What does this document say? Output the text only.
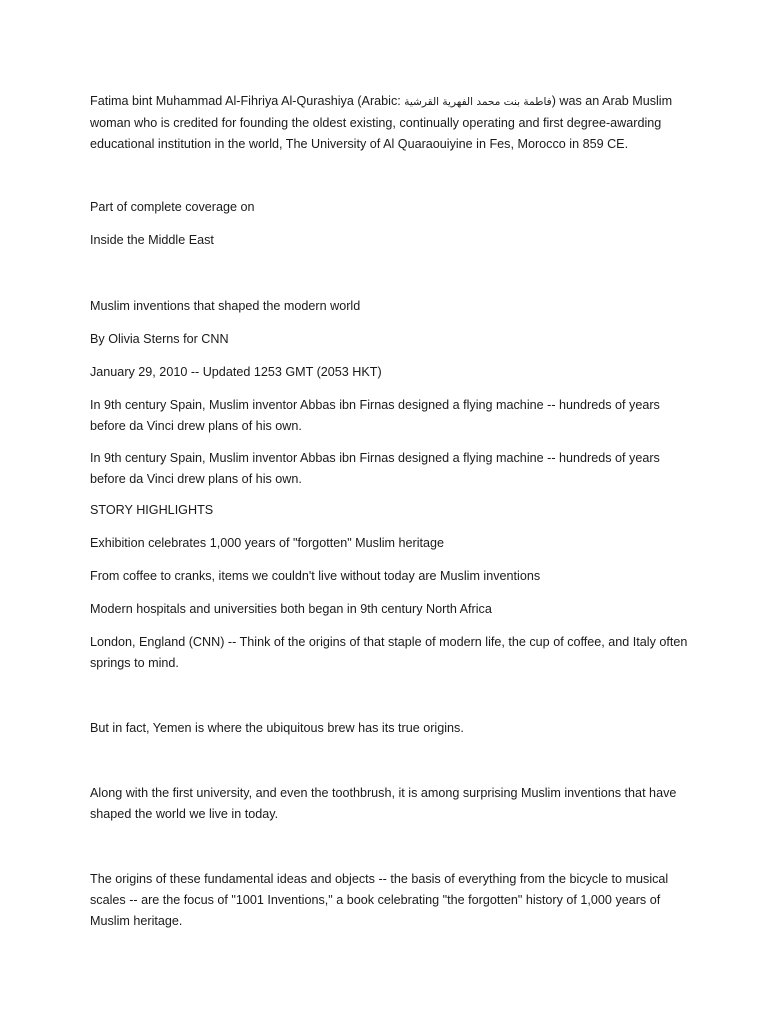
Fatima bint Muhammad Al-Fihriya Al-Qurashiya (Arabic: فاطمة بنت محمد الفهرية القرشية) was an Arab Muslim woman who is credited for founding the oldest existing, continually operating and first degree-awarding educational institution in the world, The University of Al Quaraouiyine in Fes, Morocco in 859 CE.

Part of complete coverage on

Inside the Middle East

Muslim inventions that shaped the modern world

By Olivia Sterns for CNN

January 29, 2010 -- Updated 1253 GMT (2053 HKT)

In 9th century Spain, Muslim inventor Abbas ibn Firnas designed a flying machine -- hundreds of years before da Vinci drew plans of his own.

In 9th century Spain, Muslim inventor Abbas ibn Firnas designed a flying machine -- hundreds of years before da Vinci drew plans of his own.

STORY HIGHLIGHTS

Exhibition celebrates 1,000 years of "forgotten" Muslim heritage

From coffee to cranks, items we couldn't live without today are Muslim inventions

Modern hospitals and universities both began in 9th century North Africa

London, England (CNN) -- Think of the origins of that staple of modern life, the cup of coffee, and Italy often springs to mind.

But in fact, Yemen is where the ubiquitous brew has its true origins.

Along with the first university, and even the toothbrush, it is among surprising Muslim inventions that have shaped the world we live in today.

The origins of these fundamental ideas and objects -- the basis of everything from the bicycle to musical scales -- are the focus of "1001 Inventions," a book celebrating "the forgotten" history of 1,000 years of Muslim heritage.
